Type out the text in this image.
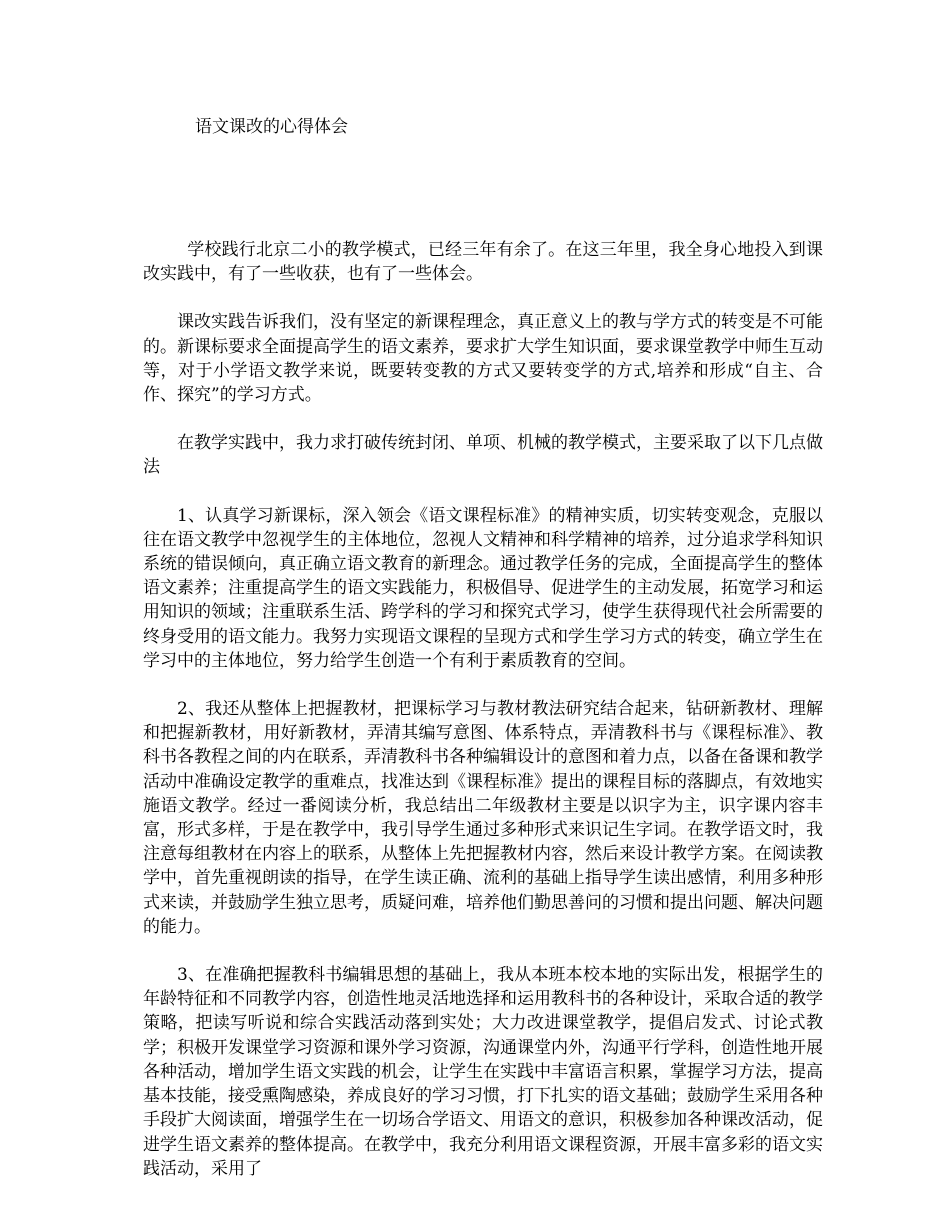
语文课改的心得体会

学校践行北京二小的教学模式，已经三年有余了。在这三年里，我全身心地投入到课改实践中，有了一些收获，也有了一些体会。

课改实践告诉我们，没有坚定的新课程理念，真正意义上的教与学方式的转变是不可能的。新课标要求全面提高学生的语文素养，要求扩大学生知识面，要求课堂教学中师生互动等，对于小学语文教学来说，既要转变教的方式又要转变学的方式,培养和形成“自主、合作、探究”的学习方式。

在教学实践中，我力求打破传统封闭、单项、机械的教学模式，主要采取了以下几点做法

1、认真学习新课标，深入领会《语文课程标准》的精神实质，切实转变观念，克服以往在语文教学中忽视学生的主体地位，忽视人文精神和科学精神的培养，过分追求学科知识系统的错误倾向，真正确立语文教育的新理念。通过教学任务的完成，全面提高学生的整体语文素养；注重提高学生的语文实践能力，积极倡导、促进学生的主动发展，拓宽学习和运用知识的领域；注重联系生活、跨学科的学习和探究式学习，使学生获得现代社会所需要的终身受用的语文能力。我努力实现语文课程的呈现方式和学生学习方式的转变，确立学生在学习中的主体地位，努力给学生创造一个有利于素质教育的空间。

2、我还从整体上把握教材，把课标学习与教材教法研究结合起来，钻研新教材、理解和把握新教材，用好新教材，弄清其编写意图、体系特点，弄清教科书与《课程标准》、教科书各教程之间的内在联系，弄清教科书各种编辑设计的意图和着力点，以备在备课和教学活动中准确设定教学的重难点，找准达到《课程标准》提出的课程目标的落脚点，有效地实施语文教学。经过一番阅读分析，我总结出二年级教材主要是以识字为主，识字课内容丰富，形式多样，于是在教学中，我引导学生通过多种形式来识记生字词。在教学语文时，我注意每组教材在内容上的联系，从整体上先把握教材内容，然后来设计教学方案。在阅读教学中，首先重视朗读的指导，在学生读正确、流利的基础上指导学生读出感情，利用多种形式来读，并鼓励学生独立思考，质疑问难，培养他们勤思善问的习惯和提出问题、解决问题的能力。

3、在准确把握教科书编辑思想的基础上，我从本班本校本地的实际出发，根据学生的年龄特征和不同教学内容，创造性地灵活地选择和运用教科书的各种设计，采取合适的教学策略，把读写听说和综合实践活动落到实处；大力改进课堂教学，提倡启发式、讨论式教学；积极开发课堂学习资源和课外学习资源，沟通课堂内外，沟通平行学科，创造性地开展各种活动，增加学生语文实践的机会，让学生在实践中丰富语言积累，掌握学习方法，提高基本技能，接受熏陶感染，养成良好的学习习惯，打下扎实的语文基础；鼓励学生采用各种手段扩大阅读面，增强学生在一切场合学语文、用语文的意识，积极参加各种课改活动，促进学生语文素养的整体提高。在教学中，我充分利用语文课程资源，开展丰富多彩的语文实践活动，采用了
